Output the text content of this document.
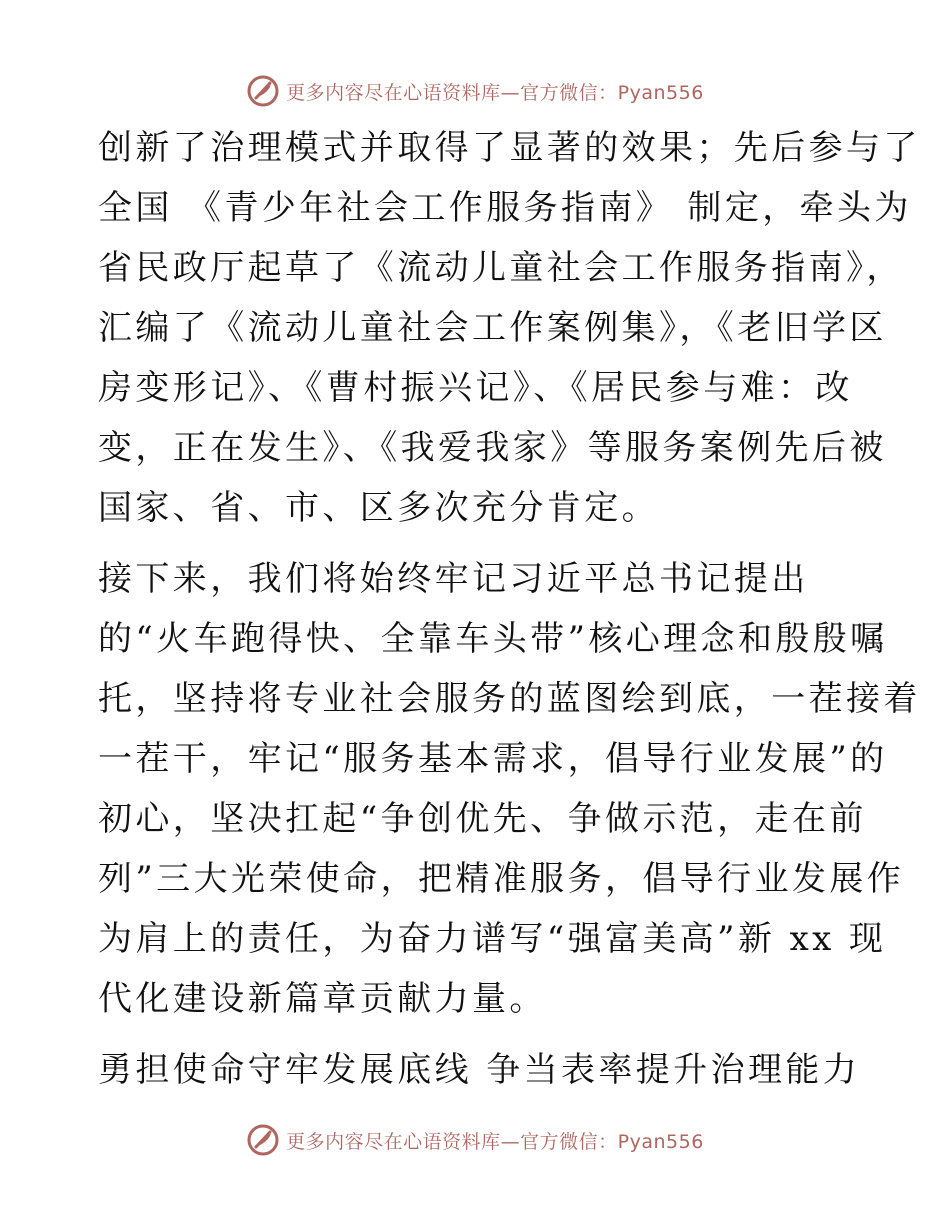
更多内容尽在心语资料库—官方微信：Pyan556
创新了治理模式并取得了显著的效果；先后参与了
全国 《青少年社会工作服务指南》 制定，牵头为
省民政厅起草了《流动儿童社会工作服务指南》，
汇编了《流动儿童社会工作案例集》，《老旧学区
房变形记》、《曹村振兴记》、《居民参与难：改
变，正在发生》、《我爱我家》等服务案例先后被
国家、省、市、区多次充分肯定。
接下来，我们将始终牢记习近平总书记提出
的“火车跑得快、全靠车头带”核心理念和殷殷嘱
托，坚持将专业社会服务的蓝图绘到底，一茬接着
一茬干，牢记“服务基本需求，倡导行业发展”的
初心，坚决扛起“争创优先、争做示范，走在前
列”三大光荣使命，把精准服务，倡导行业发展作
为肩上的责任，为奋力谱写“强富美高”新 xx 现
代化建设新篇章贡献力量。
勇担使命守牢发展底线 争当表率提升治理能力
更多内容尽在心语资料库—官方微信：Pyan556
